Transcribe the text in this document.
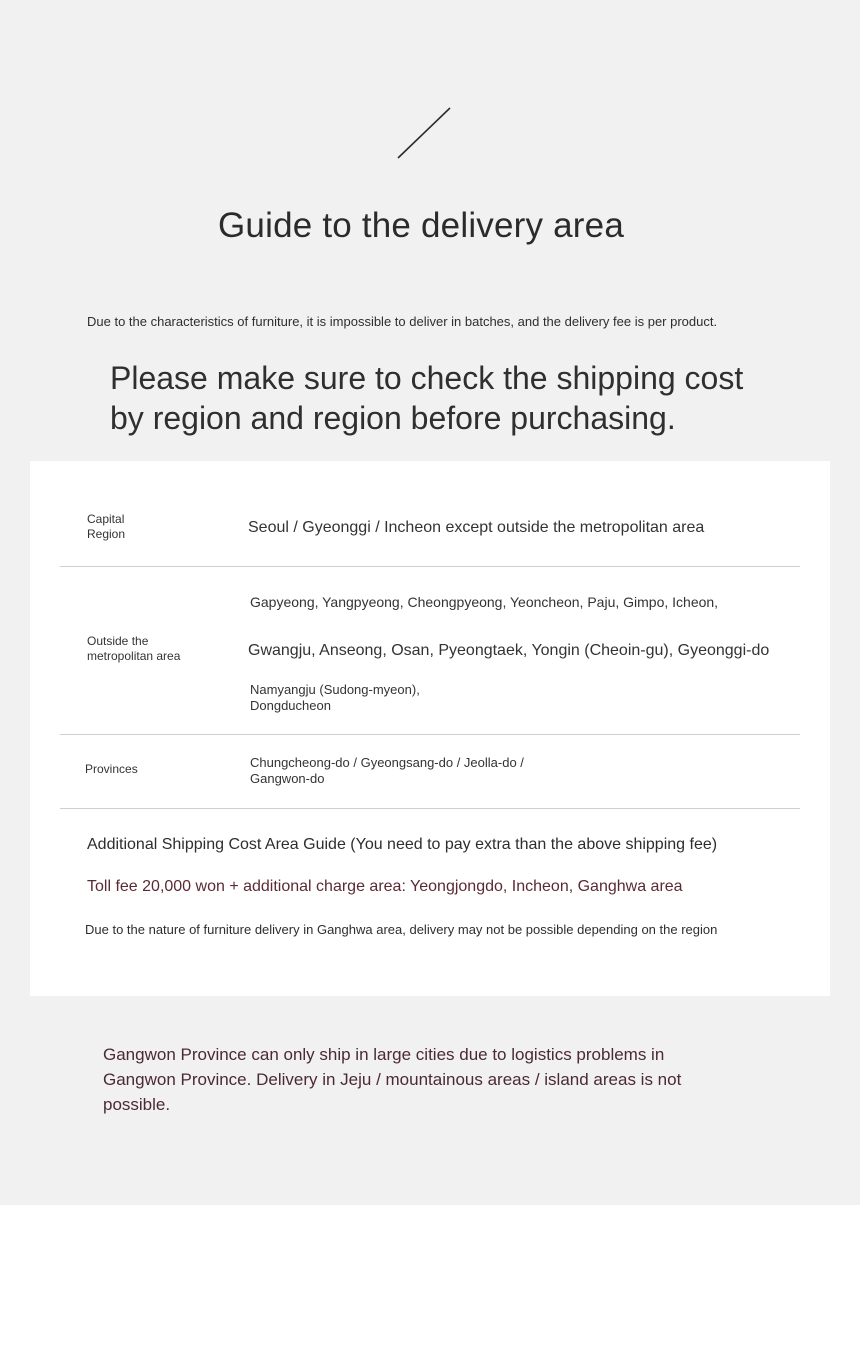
Guide to the delivery area
Due to the characteristics of furniture, it is impossible to deliver in batches, and the delivery fee is per product.
Please make sure to check the shipping cost
by region and region before purchasing.
Capital
Region	Seoul / Gyeonggi / Incheon except outside the metropolitan area
Outside the
metropolitan area
Gapyeong, Yangpyeong, Cheongpyeong, Yeoncheon, Paju, Gimpo, Icheon,
Gwangju, Anseong, Osan, Pyeongtaek, Yongin (Cheoin-gu), Gyeonggi-do
Namyangju (Sudong-myeon),
Dongducheon
Provinces	Chungcheong-do / Gyeongsang-do / Jeolla-do /
Gangwon-do
Additional Shipping Cost Area Guide (You need to pay extra than the above shipping fee)
Toll fee 20,000 won + additional charge area: Yeongjongdo, Incheon, Ganghwa area
Due to the nature of furniture delivery in Ganghwa area, delivery may not be possible depending on the region
Gangwon Province can only ship in large cities due to logistics problems in
Gangwon Province. Delivery in Jeju / mountainous areas / island areas is not
possible.
